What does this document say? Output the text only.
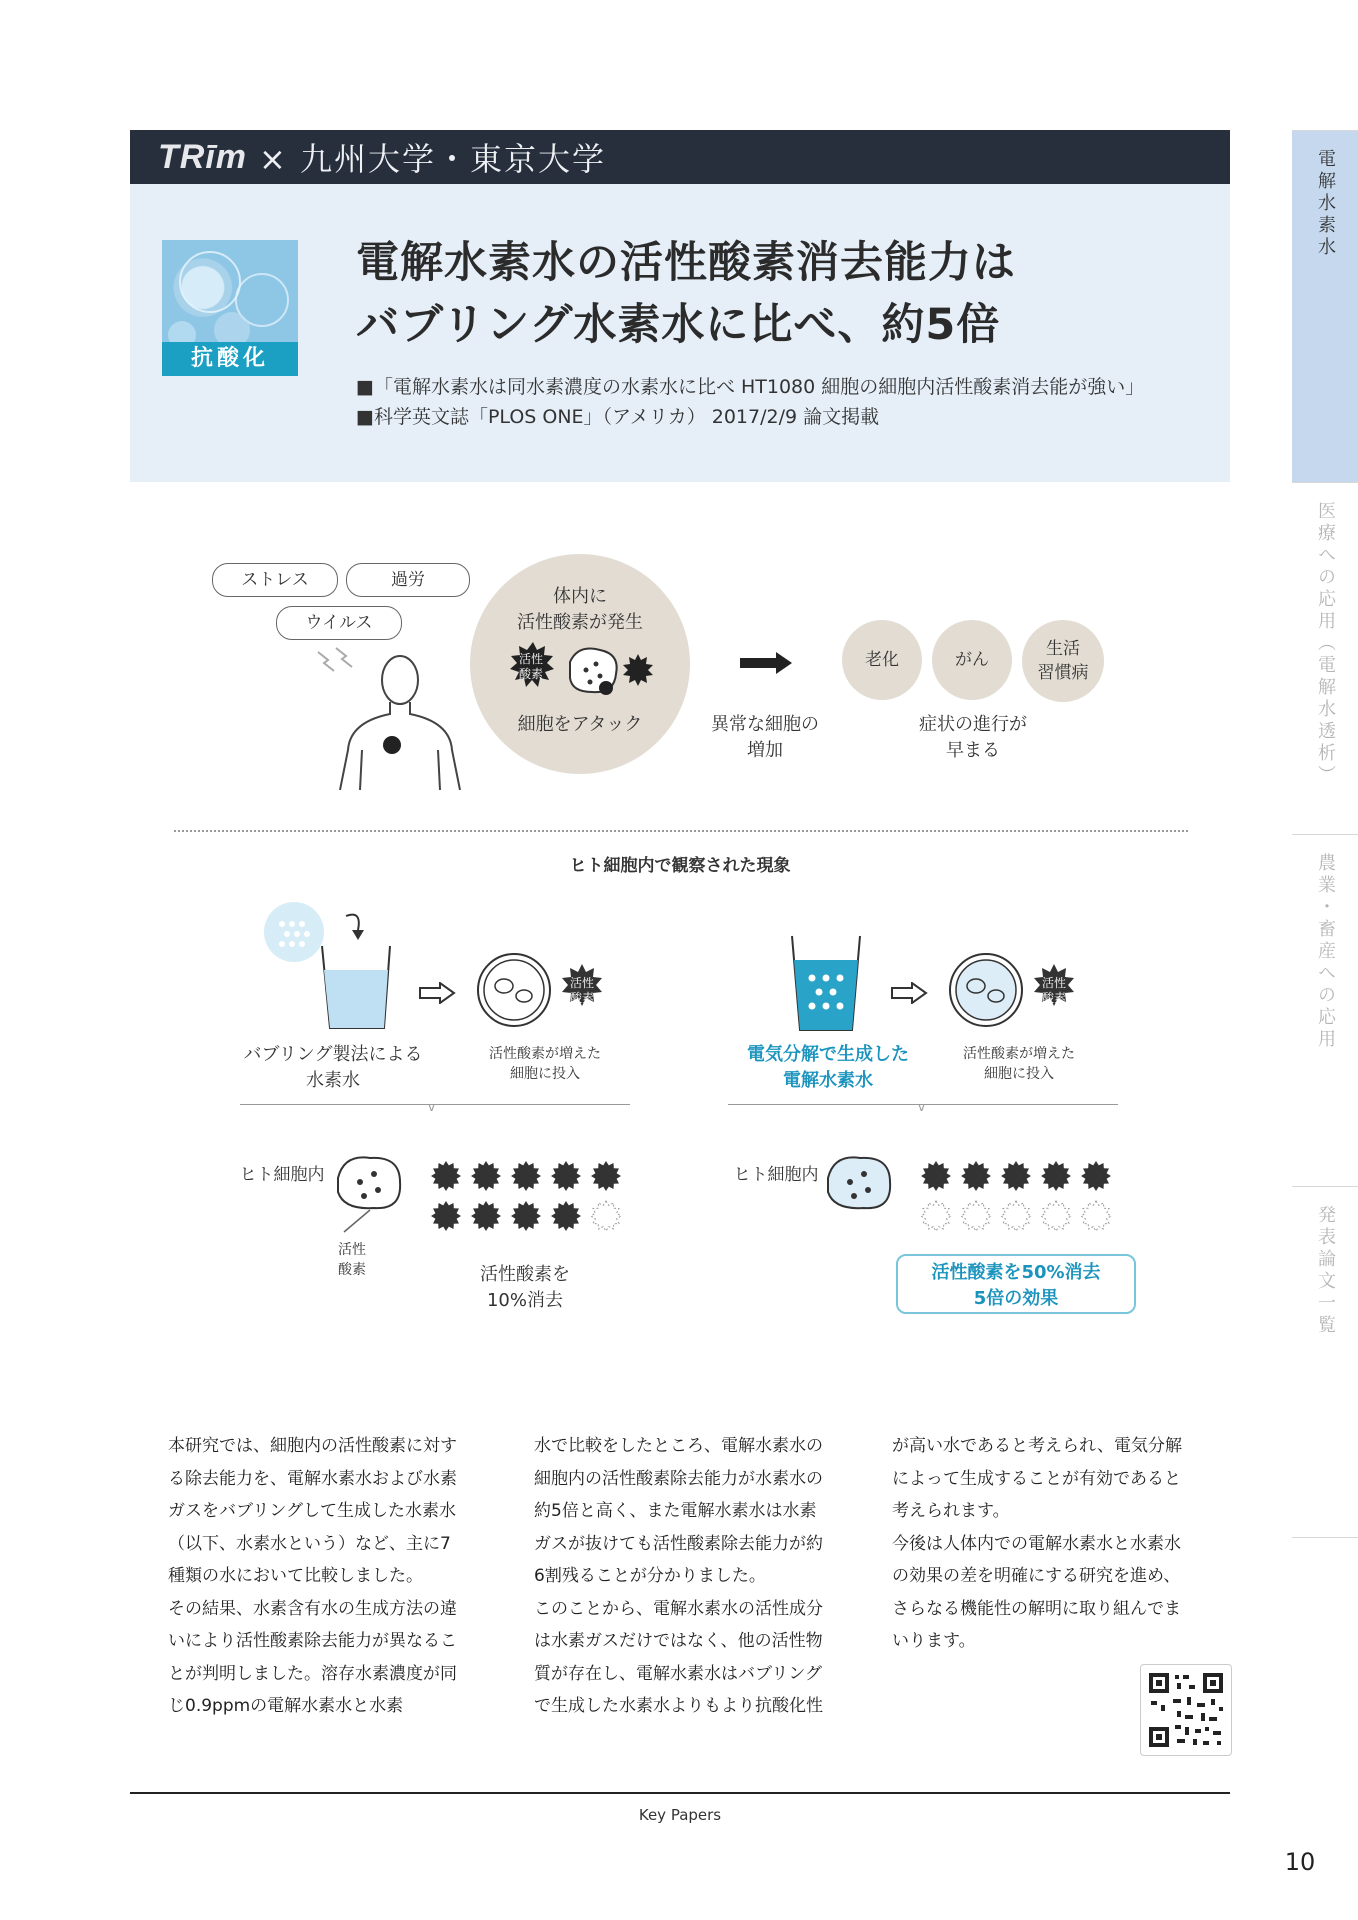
TRīm × 九州大学・東京大学
抗酸化
電解水素水の活性酸素消去能力は
バブリング水素水に比べ、約5倍
■「電解水素水は同水素濃度の水素水に比べ HT1080 細胞の細胞内活性酸素消去能が強い」
■科学英文誌「PLOS ONE」（アメリカ） 2017/2/9 論文掲載
ストレス	過労
ウイルス
体内に
活性酸素が発生
活性
酸素
細胞をアタック	異常な細胞の
増加
老化	がん
生活
習慣病
症状の進行が
早まる
ヒト細胞内で観察された現象
活性
酸素
バブリング製法による
水素水
活性酸素が増えた
細胞に投入
v
ヒト細胞内
活性
酸素	活性酸素を
10%消去
活性
酸素
電気分解で生成した
電解水素水
活性酸素が増えた
細胞に投入
v
ヒト細胞内
活性酸素を50%消去
5倍の効果
本研究では、細胞内の活性酸素に対する除去能力を、電解水素水および水素ガスをバブリングして生成した水素水（以下、水素水という）など、主に7種類の水において比較しました。
その結果、水素含有水の生成方法の違いにより活性酸素除去能力が異なることが判明しました。溶存水素濃度が同じ0.9ppmの電解水素水と水素
水で比較をしたところ、電解水素水の細胞内の活性酸素除去能力が水素水の約5倍と高く、また電解水素水は水素ガスが抜けても活性酸素除去能力が約6割残ることが分かりました。
このことから、電解水素水の活性成分は水素ガスだけではなく、他の活性物質が存在し、電解水素水はバブリングで生成した水素水よりもより抗酸化性
が高い水であると考えられ、電気分解によって生成することが有効であると考えられます。
今後は人体内での電解水素水と水素水の効果の差を明確にする研究を進め、さらなる機能性の解明に取り組んでまいります。
電解水素水
医療への応用（電解水透析）
農業・畜産への応用
発表論文一覧
Key Papers
10
